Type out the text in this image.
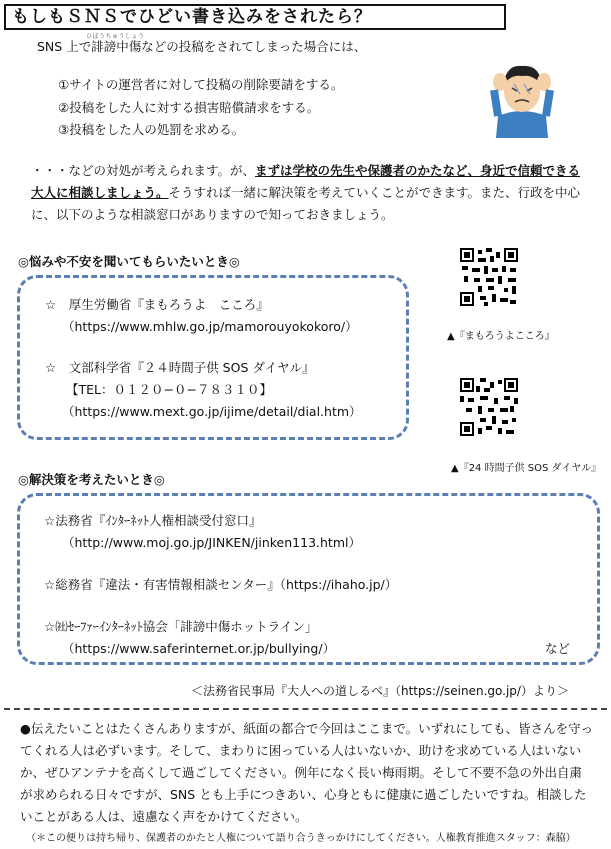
もしもＳＮＳでひどい書き込みをされたら？
ひぼうちゅうしょう
SNS 上で誹謗中傷などの投稿をされてしまった場合には、
①サイトの運営者に対して投稿の削除要請をする。
②投稿をした人に対する損害賠償請求をする。
③投稿をした人の処罰を求める。
・・・などの対処が考えられます。が、まずは学校の先生や保護者のかたなど、身近で信頼できる大人に相談しましょう。そうすれば一緒に解決策を考えていくことができます。また、行政を中心に、以下のような相談窓口がありますので知っておきましょう。
◎悩みや不安を聞いてもらいたいとき◎
☆　厚生労働省『まもろうよ　こころ』
（https://www.mhlw.go.jp/mamorouyokokoro/）
☆　文部科学省『２４時間子供 SOS ダイヤル』
【TEL：０１２０−０−７８３１０】
（https://www.mext.go.jp/ijime/detail/dial.htm）
▲『まもろうよこころ』
▲『24 時間子供 SOS ダイヤル』
◎解決策を考えたいとき◎
☆法務省『ｲﾝﾀｰﾈｯﾄ人権相談受付窓口』
（http://www.moj.go.jp/JINKEN/jinken113.html）
☆総務省『違法・有害情報相談センター』（https://ihaho.jp/）
☆㈳ｾｰﾌｧｰｲﾝﾀｰﾈｯﾄ協会「誹謗中傷ホットライン」
（https://www.saferinternet.or.jp/bullying/）	など
＜法務省民事局『大人への道しるべ』（https://seinen.go.jp/）より＞
●伝えたいことはたくさんありますが、紙面の都合で今回はここまで。いずれにしても、皆さんを守ってくれる人は必ずいます。そして、まわりに困っている人はいないか、助けを求めている人はいないか、ぜひアンテナを高くして過ごしてください。例年になく長い梅雨期。そして不要不急の外出自粛が求められる日々ですが、SNS とも上手につきあい、心身ともに健康に過ごしたいですね。相談したいことがある人は、遠慮なく声をかけてください。
（＊この便りは持ち帰り、保護者のかたと人権について語り合うきっかけにしてください。人権教育推進スタッフ：森脇）
